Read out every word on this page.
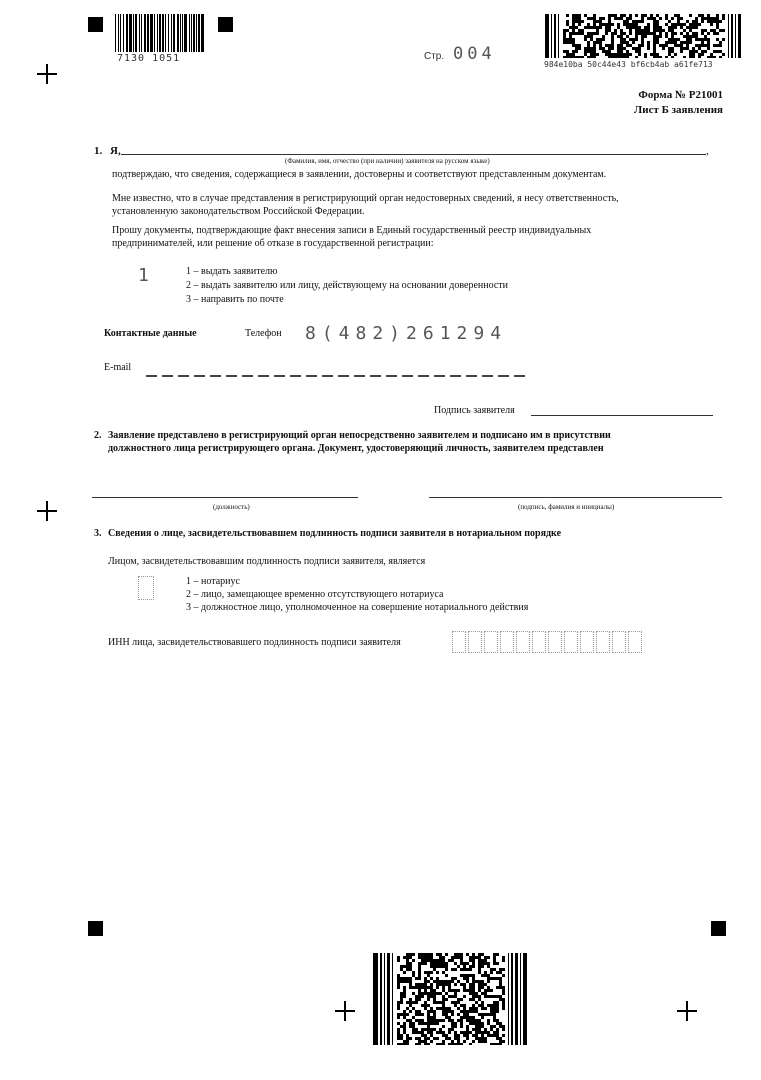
7130 1051	Стр. 004
984e10ba 50c44e43 bf6cb4ab a61fe713
Форма № Р21001
Лист Б заявления
1. Я,	,
(Фамилия, имя, отчество (при наличии) заявителя на русском языке)
подтверждаю, что сведения, содержащиеся в заявлении, достоверны и соответствуют представленным документам.
Мне известно, что в случае представления в регистрирующий орган недостоверных сведений, я несу ответственность,
установленную законодательством Российской Федерации.
Прошу документы, подтверждающие факт внесения записи в Единый государственный реестр индивидуальных
предпринимателей, или решение об отказе в государственной регистрации:
1	1 – выдать заявителю
2 – выдать заявителю или лицу, действующему на основании доверенности
3 – направить по почте
Контактные данные	Телефон 8(482)261294
E-mail
Подпись заявителя
2. Заявление представлено в регистрирующий орган непосредственно заявителем и подписано им в присутствии
должностного лица регистрирующего органа. Документ, удостоверяющий личность, заявителем представлен
(должность)	(подпись, фамилия и инициалы)
3. Сведения о лице, засвидетельствовавшем подлинность подписи заявителя в нотариальном порядке
Лицом, засвидетельствовавшим подлинность подписи заявителя, является
1 – нотариус
2 – лицо, замещающее временно отсутствующего нотариуса
3 – должностное лицо, уполномоченное на совершение нотариального действия
ИНН лица, засвидетельствовавшего подлинность подписи заявителя
